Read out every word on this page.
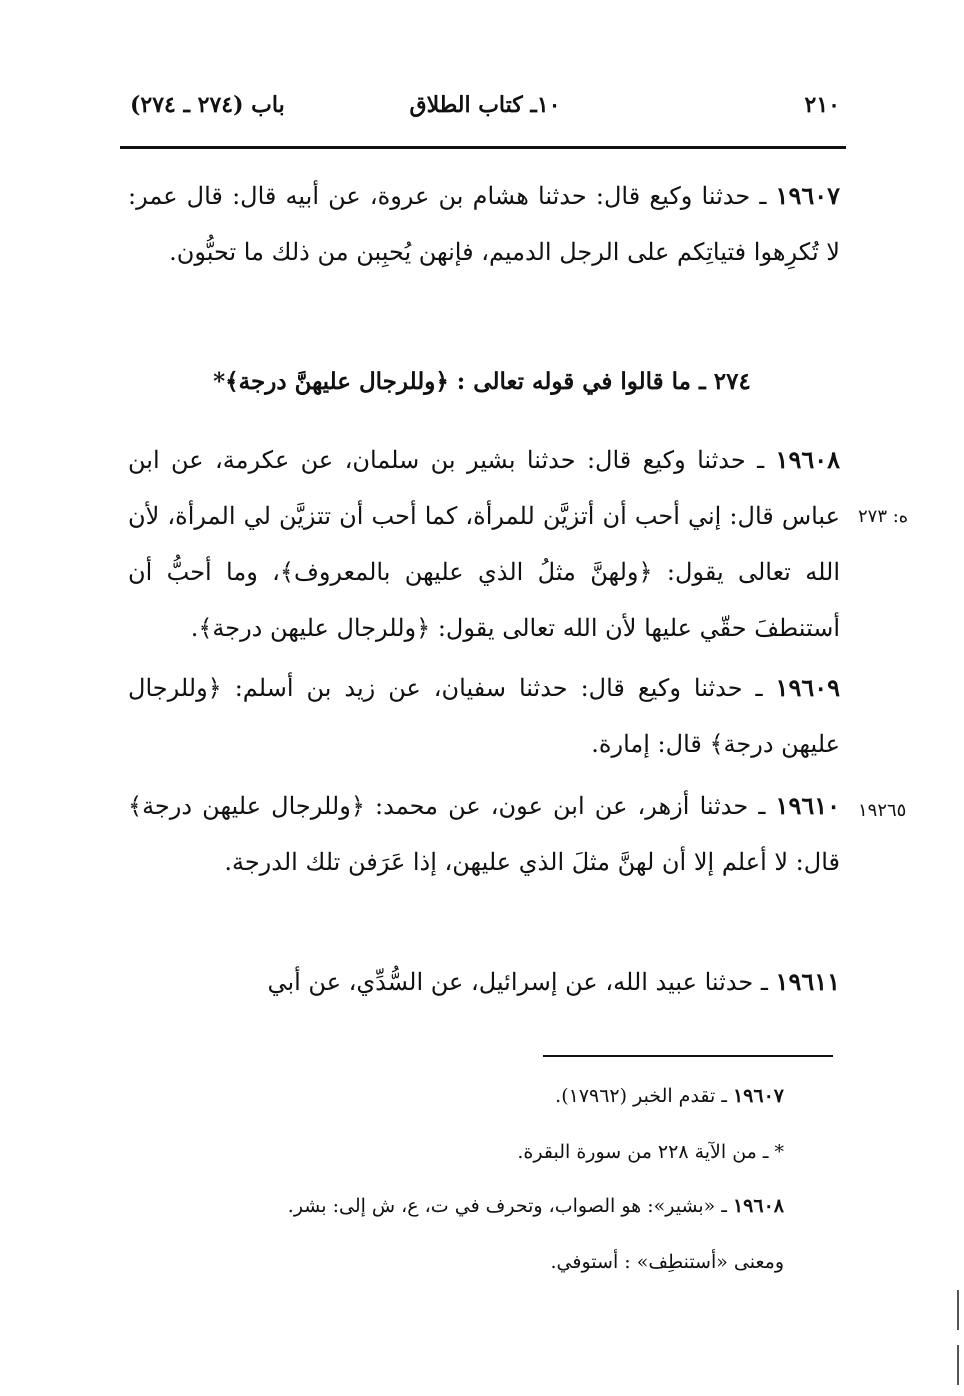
باب (٢٧٤ ـ ٢٧٤)	١٠ـ كتاب الطلاق	٢١٠

١٩٦٠٧ ـ حدثنا وكيع قال: حدثنا هشام بن عروة، عن أبيه قال: قال عمر: لا تُكرِهوا فتياتِكم على الرجل الدميم، فإنهن يُحبِبن من ذلك ما تحبُّون.

٢٧٤ ـ ما قالوا في قوله تعالى : ﴿وللرجال عليهنَّ درجة﴾*

١٩٦٠٨ ـ حدثنا وكيع قال: حدثنا بشير بن سلمان، عن عكرمة، عن ابن عباس قال: إني أحب أن أتزيَّن للمرأة، كما أحب أن تتزيَّن لي المرأة، لأن الله تعالى يقول: ﴿ولهنَّ مثلُ الذي عليهن بالمعروف﴾، وما أحبُّ أن أستنطفَ حقّي عليها لأن الله تعالى يقول: ﴿وللرجال عليهن درجة﴾.

ه: ٢٧٣

١٩٦٠٩ ـ حدثنا وكيع قال: حدثنا سفيان، عن زيد بن أسلم: ﴿وللرجال عليهن درجة﴾ قال: إمارة.

١٩٦١٠ ـ حدثنا أزهر، عن ابن عون، عن محمد: ﴿وللرجال عليهن درجة﴾ قال: لا أعلم إلا أن لهنَّ مثلَ الذي عليهن، إذا عَرَفن تلك الدرجة.

١٩٢٦٥

١٩٦١١ ـ حدثنا عبيد الله، عن إسرائيل، عن السُّدِّي، عن أبي

١٩٦٠٧ ـ تقدم الخبر (١٧٩٦٢).
* ـ من الآية ٢٢٨ من سورة البقرة.
١٩٦٠٨ ـ «بشير»: هو الصواب، وتحرف في ت، ع، ش إلى: بشر.
ومعنى «أستنطِف» : أستوفي.
